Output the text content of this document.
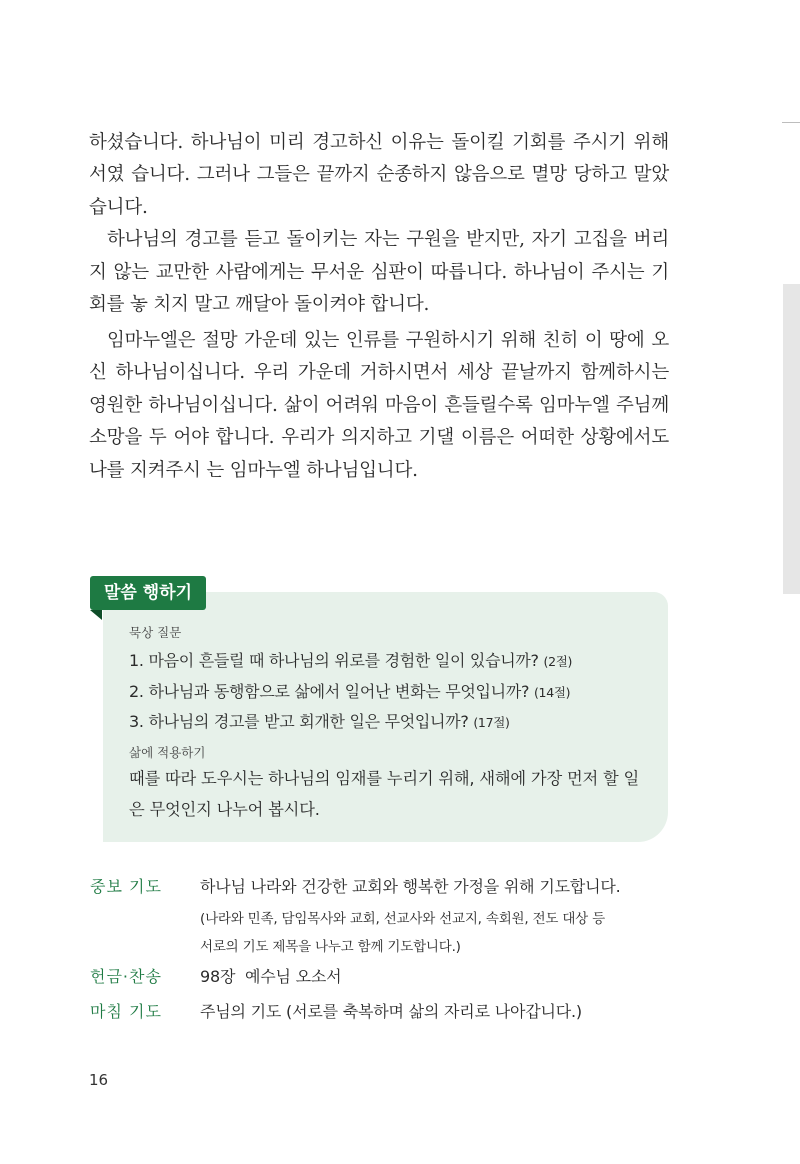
하셨습니다. 하나님이 미리 경고하신 이유는 돌이킬 기회를 주시기 위해서였 습니다. 그러나 그들은 끝까지 순종하지 않음으로 멸망 당하고 말았습니다.
하나님의 경고를 듣고 돌이키는 자는 구원을 받지만, 자기 고집을 버리지 않는 교만한 사람에게는 무서운 심판이 따릅니다. 하나님이 주시는 기회를 놓 치지 말고 깨달아 돌이켜야 합니다.

임마누엘은 절망 가운데 있는 인류를 구원하시기 위해 친히 이 땅에 오신 하나님이십니다. 우리 가운데 거하시면서 세상 끝날까지 함께하시는 영원한 하나님이십니다. 삶이 어려워 마음이 흔들릴수록 임마누엘 주님께 소망을 두 어야 합니다. 우리가 의지하고 기댈 이름은 어떠한 상황에서도 나를 지켜주시 는 임마누엘 하나님입니다.

말씀 행하기
묵상 질문
1. 마음이 흔들릴 때 하나님의 위로를 경험한 일이 있습니까? (2절)
2. 하나님과 동행함으로 삶에서 일어난 변화는 무엇입니까? (14절)
3. 하나님의 경고를 받고 회개한 일은 무엇입니까? (17절)
삶에 적용하기

때를 따라 도우시는 하나님의 임재를 누리기 위해, 새해에 가장 먼저 할 일
은 무엇인지 나누어 봅시다.

중보 기도 하나님 나라와 건강한 교회와 행복한 가정을 위해 기도합니다.
(나라와 민족, 담임목사와 교회, 선교사와 선교지, 속회원, 전도 대상 등
서로의 기도 제목을 나누고 함께 기도합니다.)
헌금·찬송 98장  예수님 오소서
마침 기도 주님의 기도 (서로를 축복하며 삶의 자리로 나아갑니다.)
16
